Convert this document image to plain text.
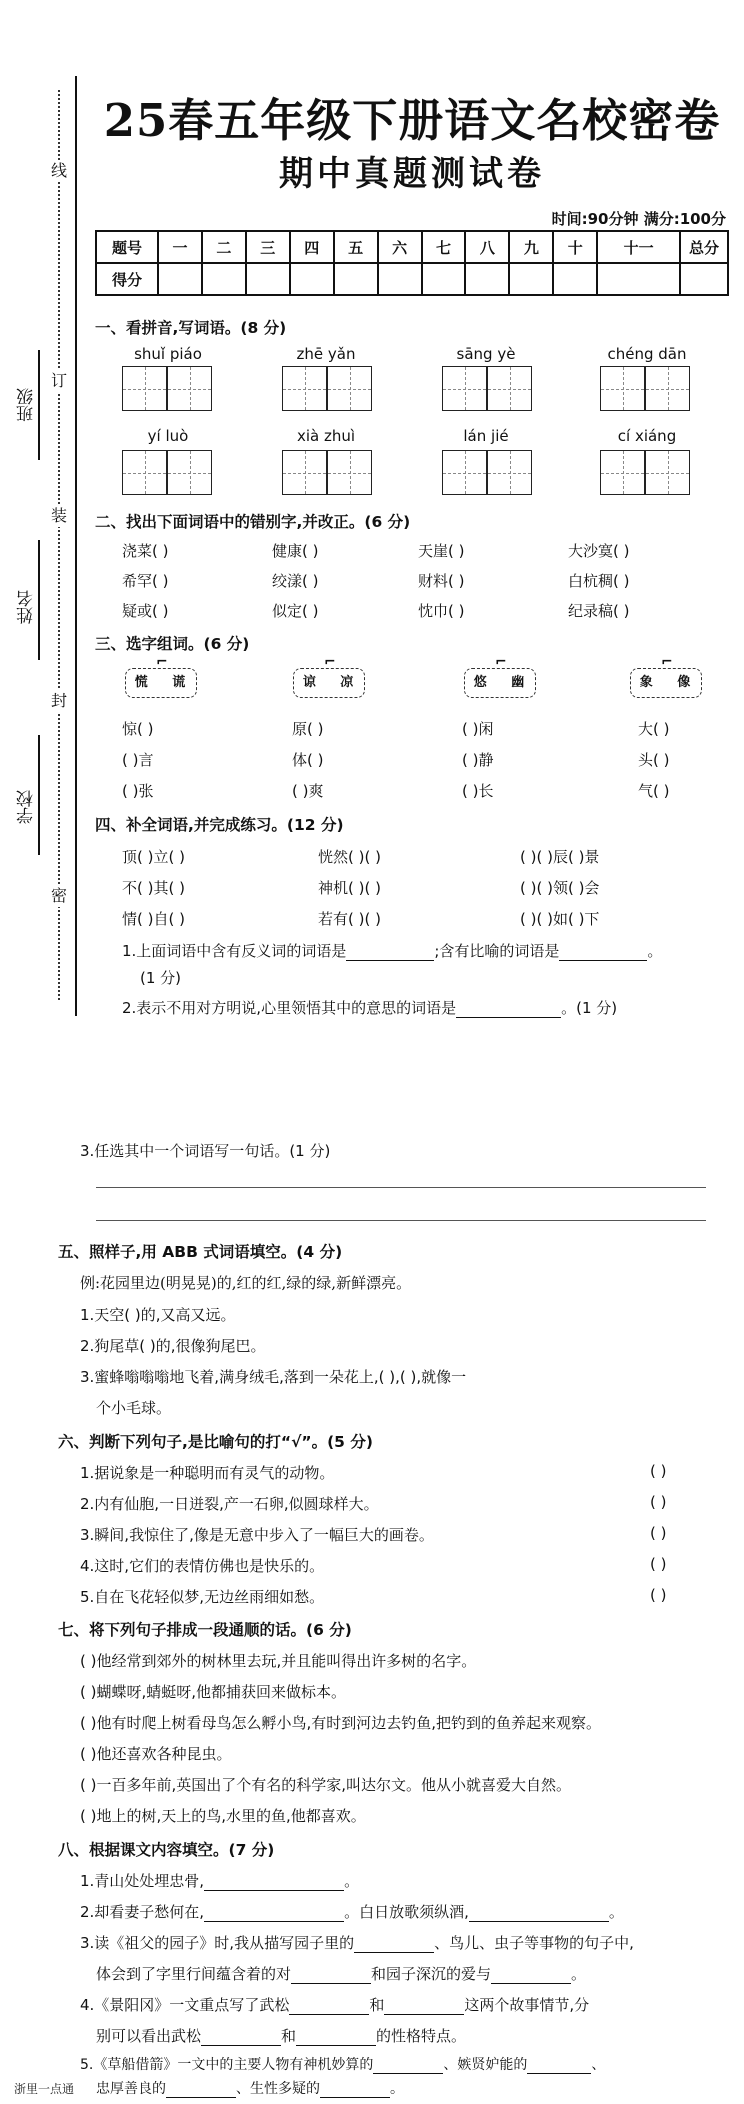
线
订
装
封
密
班级
姓名
学校
25春五年级下册语文名校密卷
期中真题测试卷
时间:90分钟 满分:100分
题号	一	二	三	四	五	六	七	八	九	十	十一	总分
得分												
一、看拼音,写词语。(8 分)
shuǐ piáo	zhē yǎn	sāng yè	chéng dān
yí luò	xià zhuì	lán jié	cí xiáng
二、找出下面词语中的错别字,并改正。(6 分)
浇菜( )	健康( )	天崖( )	大沙寞( )
希罕( )	绞漾( )	财料( )	白杭稠( )
疑或( )	似定( )	忱巾( )	纪录稿( )
三、选字组词。(6 分)
⌐ 慌 谎	⌐ 谅 凉	⌐ 悠 幽	⌐ 象 像
惊( )	原( )	( )闲	大( )
( )言	体( )	( )静	头( )
( )张	( )爽	( )长	气( )
四、补全词语,并完成练习。(12 分)
顶( )立( )	恍然( )( )	( )( )辰( )景
不( )其( )	神机( )( )	( )( )领( )会
情( )自( )	若有( )( )	( )( )如( )下
1.上面词语中含有反义词的词语是	;含有比喻的词语是	。
(1 分)
2.表示不用对方明说,心里领悟其中的意思的词语是	。(1 分)
3.任选其中一个词语写一句话。(1 分)
五、照样子,用 ABB 式词语填空。(4 分)
例:花园里边(明晃晃)的,红的红,绿的绿,新鲜漂亮。
1.天空( )的,又高又远。
2.狗尾草( )的,很像狗尾巴。
3.蜜蜂嗡嗡嗡地飞着,满身绒毛,落到一朵花上,( ),( ),就像一
个小毛球。
六、判断下列句子,是比喻句的打“√”。(5 分)
1.据说象是一种聪明而有灵气的动物。	( )
2.内有仙胞,一日迸裂,产一石卵,似圆球样大。	( )
3.瞬间,我惊住了,像是无意中步入了一幅巨大的画卷。	( )
4.这时,它们的表情仿佛也是快乐的。	( )
5.自在飞花轻似梦,无边丝雨细如愁。	( )
七、将下列句子排成一段通顺的话。(6 分)
( )他经常到郊外的树林里去玩,并且能叫得出许多树的名字。
( )蝴蝶呀,蜻蜓呀,他都捕获回来做标本。
( )他有时爬上树看母鸟怎么孵小鸟,有时到河边去钓鱼,把钓到的鱼养起来观察。
( )他还喜欢各种昆虫。
( )一百多年前,英国出了个有名的科学家,叫达尔文。他从小就喜爱大自然。
( )地上的树,天上的鸟,水里的鱼,他都喜欢。
八、根据课文内容填空。(7 分)
1.青山处处埋忠骨,	。
2.却看妻子愁何在,	。白日放歌须纵酒,	。
3.读《祖父的园子》时,我从描写园子里的	、鸟儿、虫子等事物的句子中,
体会到了字里行间蕴含着的对	和园子深沉的爱与	。
4.《景阳冈》一文重点写了武松	和	这两个故事情节,分
别可以看出武松	和	的性格特点。
5.《草船借箭》一文中的主要人物有神机妙算的	、嫉贤妒能的	、
忠厚善良的	、生性多疑的	。
浙里一点通
